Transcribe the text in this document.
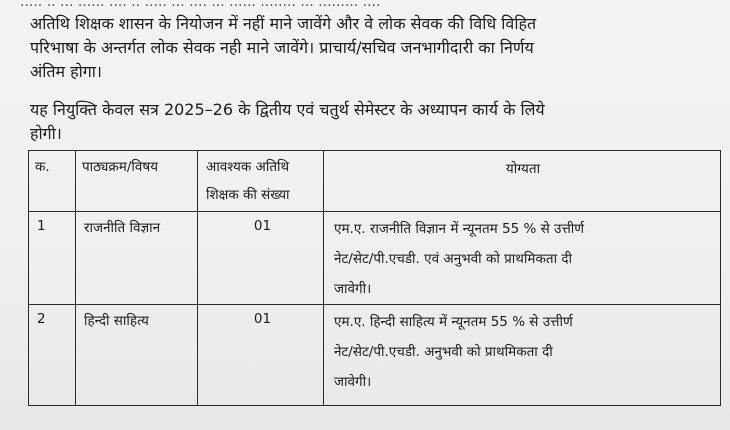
..... .. ... ...... .... .. ..... ... .... ... ...... ........ ... ......... ....
अतिथि शिक्षक शासन के नियोजन में नहीं माने जावेंगे और वे लोक सेवक की विधि विहित
परिभाषा के अन्तर्गत लोक सेवक नही माने जावेंगे। प्राचार्य/सचिव जनभागीदारी का निर्णय
अंतिम होगा।
यह नियुक्ति केवल सत्र 2025–26 के द्वितीय एवं चतुर्थ सेमेस्टर के अध्यापन कार्य के लिये
होगी।
क.	पाठ्यक्रम/विषय	आवश्यक अतिथि
शिक्षक की संख्या	योग्यता

1	राजनीति विज्ञान	01	एम.ए. राजनीति विज्ञान में न्यूनतम 55 % से उत्तीर्ण
नेट/सेट/पी.एचडी. एवं अनुभवी को प्राथमिकता दी
जावेगी।

2	हिन्दी साहित्य	01	एम.ए. हिन्दी साहित्य में न्यूनतम 55 % से उत्तीर्ण
नेट/सेट/पी.एचडी. अनुभवी को प्राथमिकता दी
जावेगी।
